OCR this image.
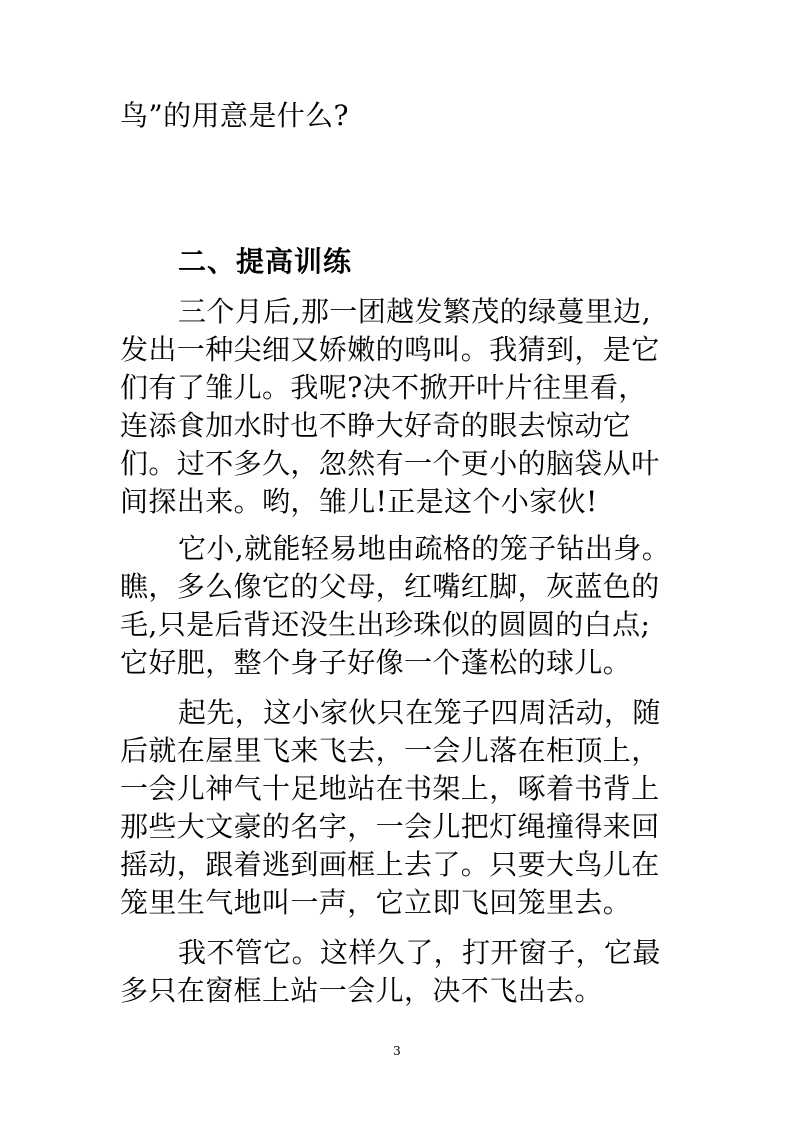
鸟”的用意是什么?
二、提高训练
三个月后,那一团越发繁茂的绿蔓里边,
发出一种尖细又娇嫩的鸣叫。我猜到，是它
们有了雏儿。我呢?决不掀开叶片往里看，
连添食加水时也不睁大好奇的眼去惊动它
们。过不多久，忽然有一个更小的脑袋从叶
间探出来。哟，雏儿!正是这个小家伙!
它小,就能轻易地由疏格的笼子钻出身。
瞧，多么像它的父母，红嘴红脚，灰蓝色的
毛,只是后背还没生出珍珠似的圆圆的白点;
它好肥，整个身子好像一个蓬松的球儿。
起先，这小家伙只在笼子四周活动，随
后就在屋里飞来飞去，一会儿落在柜顶上，
一会儿神气十足地站在书架上，啄着书背上
那些大文豪的名字，一会儿把灯绳撞得来回
摇动，跟着逃到画框上去了。只要大鸟儿在
笼里生气地叫一声，它立即飞回笼里去。
我不管它。这样久了，打开窗子，它最
多只在窗框上站一会儿，决不飞出去。
3
